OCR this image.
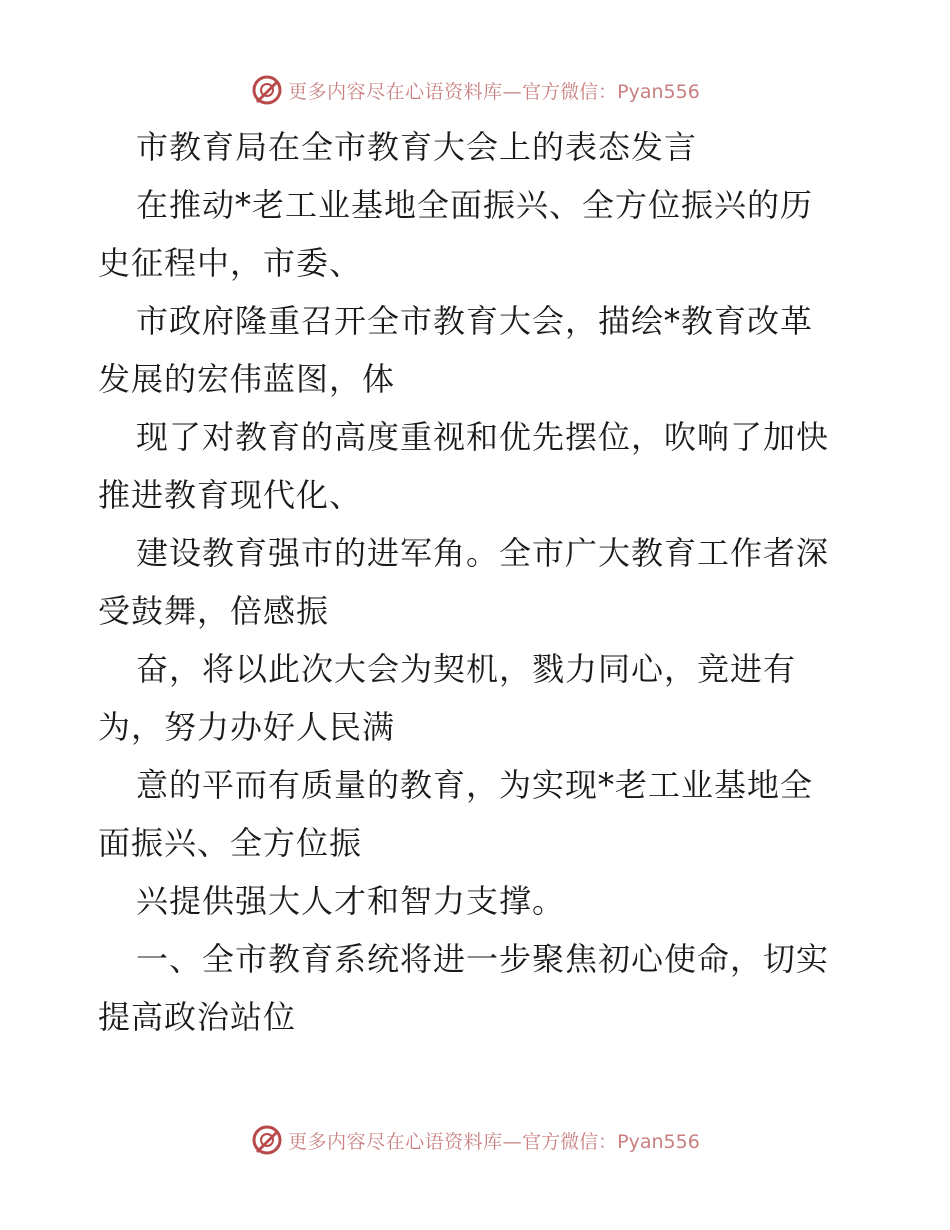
更多内容尽在心语资料库— 官方微信：Pyan556
市教育局在全市教育大会上的表态发言
在推动*老工业基地全面振兴、全方位振兴的历
史征程中，市委、
市政府隆重召开全市教育大会，描绘*教育改革
发展的宏伟蓝图，体
现了对教育的高度重视和优先摆位，吹响了加快
推进教育现代化、
建设教育强市的进军角。全市广大教育工作者深
受鼓舞，倍感振
奋，将以此次大会为契机，戮力同心，竞进有
为，努力办好人民满
意的平而有质量的教育，为实现*老工业基地全
面振兴、全方位振
兴提供强大人才和智力支撑。
一、全市教育系统将进一步聚焦初心使命，切实
提高政治站位
更多内容尽在心语资料库— 官方微信：Pyan556
